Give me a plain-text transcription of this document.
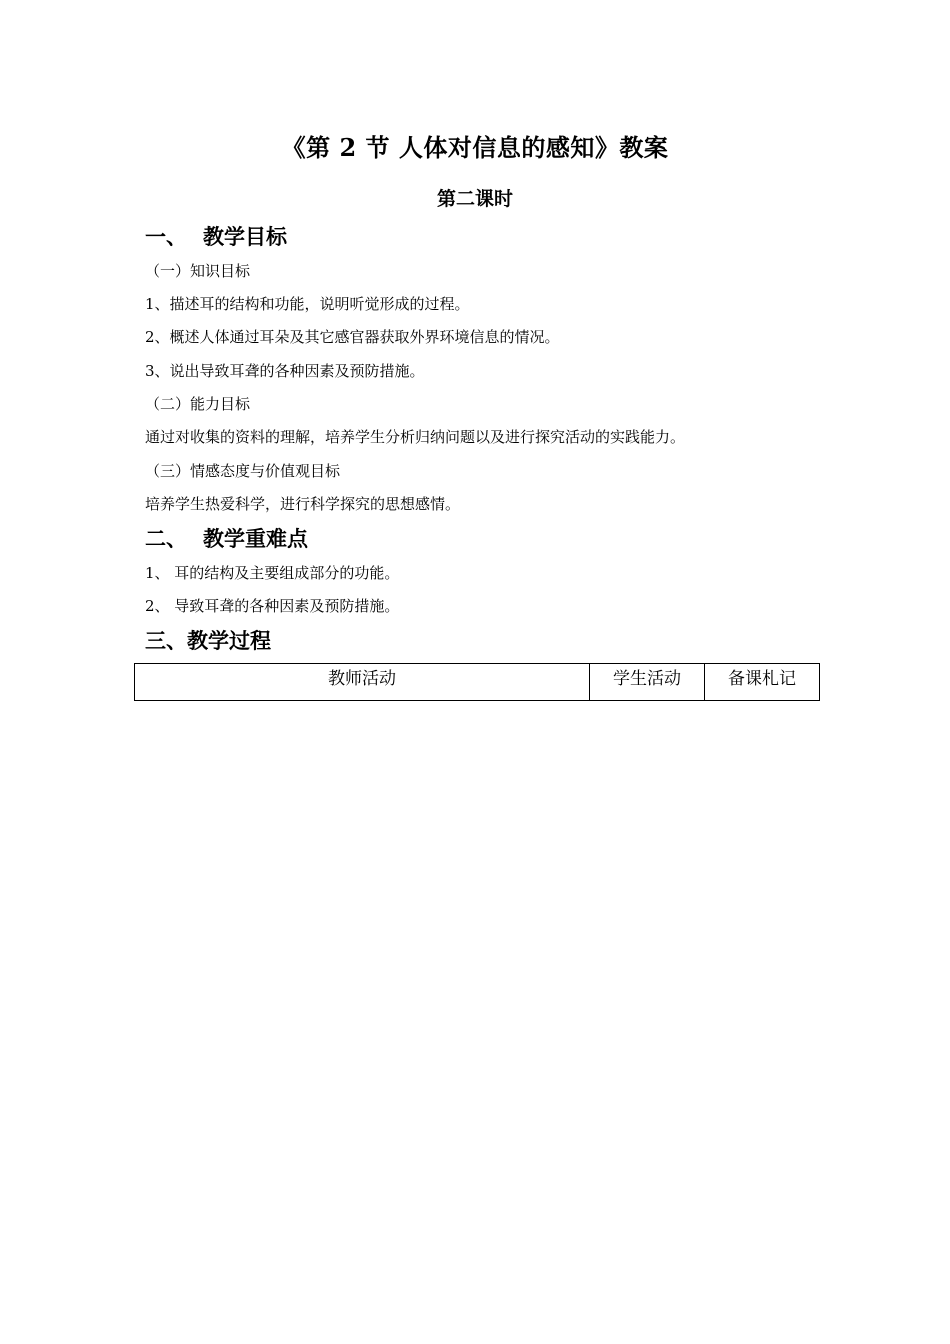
《第 2 节 人体对信息的感知》教案
第二课时
一、 教学目标
（一）知识目标
1、描述耳的结构和功能，说明听觉形成的过程。
2、概述人体通过耳朵及其它感官器获取外界环境信息的情况。
3、说出导致耳聋的各种因素及预防措施。
（二）能力目标
通过对收集的资料的理解，培养学生分析归纳问题以及进行探究活动的实践能力。
（三）情感态度与价值观目标
培养学生热爱科学，进行科学探究的思想感情。
二、 教学重难点
1、 耳的结构及主要组成部分的功能。
2、 导致耳聋的各种因素及预防措施。
三、教学过程
教师活动	学生活动	备课札记
